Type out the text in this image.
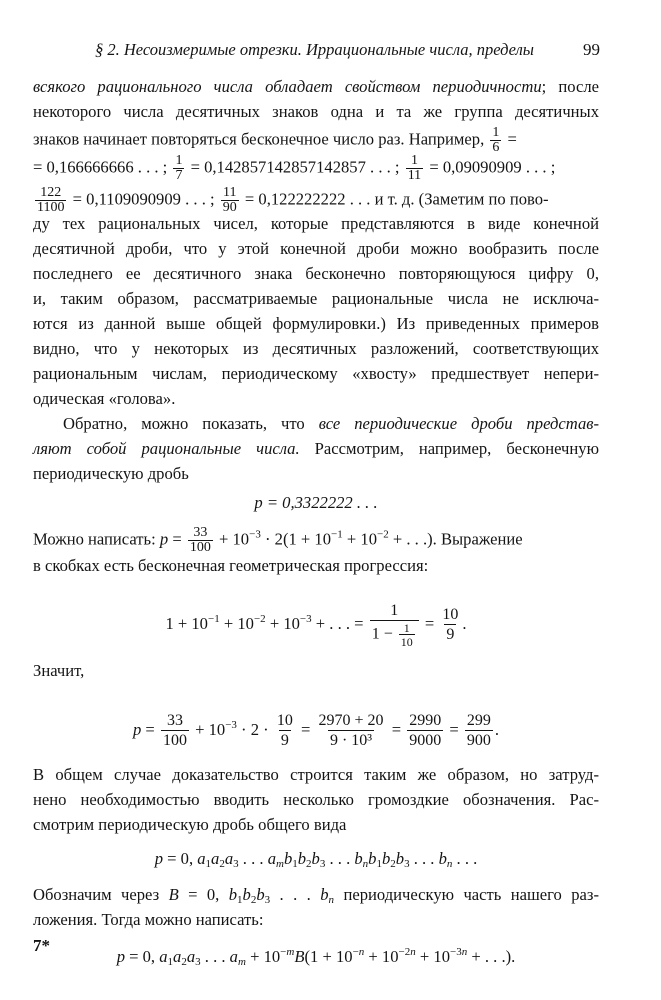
§ 2. Несоизмеримые отрезки. Иррациональные числа, пределы	99
всякого рационального числа обладает свойством периодичности; после
некоторого числа десятичных знаков одна и та же группа десятичных
знаков начинает повторяться бесконечное число раз. Например, $\frac{1}{6}$ =
= 0,166666666 . . . ; $\frac{1}{7} = 0,142857142857142857$ . . . ; $\frac{1}{11} = 0,09090909$ . . . ;
$\frac{122}{1100} = 0,1109090909$ . . . ; $\frac{11}{90} = 0,122222222$ . . . и т. д. (Заметим по пово-
ду тех рациональных чисел, которые представляются в виде конечной
десятичной дроби, что у этой конечной дроби можно вообразить после
последнего ее десятичного знака бесконечно повторяющуюся цифру 0,
и, таким образом, рассматриваемые рациональные числа не исключа-
ются из данной выше общей формулировки.) Из приведенных примеров
видно, что у некоторых из десятичных разложений, соответствующих
рациональным числам, периодическому «хвосту» предшествует непери-
одическая «голова».
Обратно, можно показать, что все периодические дроби представ-
ляют собой рациональные числа. Рассмотрим, например, бесконечную
периодическую дробь
p = 0,3322222 . . .
Можно написать: $p = \frac{33}{100} + 10^{-3} \cdot 2(1 + 10^{-1} + 10^{-2}$ + . . .). Выражение
в скобках есть бесконечная геометрическая прогрессия:
$1 + 10^{-1} + 10^{-2} + 10^{-3}$ + . . . = $\frac{1}{1 - \frac{1}{10}} = \frac{10}{9}$ .
Значит,
$p = \frac{33}{100} + 10^{-3} \cdot 2 \cdot \frac{10}{9} = \frac{2970 + 20}{\text{9 · 10³}} = \frac{2990}{9000} = \frac{299}{900}$ .
В общем случае доказательство строится таким же образом, но затруд-
нено необходимостью вводить несколько громоздкие обозначения. Рас-
смотрим периодическую дробь общего вида
p = 0, $a_1a_2a_3$ . . . $a_mb_1b_2b_3$ . . . $b_nb_1b_2b_3$ . . . $b_n$ . . .
Обозначим через B = 0, $b_1b_2b_3$ . . . $b_n$ периодическую часть нашего раз-
ложения. Тогда можно написать:
p = 0, $a_1a_2a_3$ . . . $a_m + 10^{-m}B(1 + 10^{-n} + 10^{-2n} + 10^{-3n}$ + . . .).
7*
